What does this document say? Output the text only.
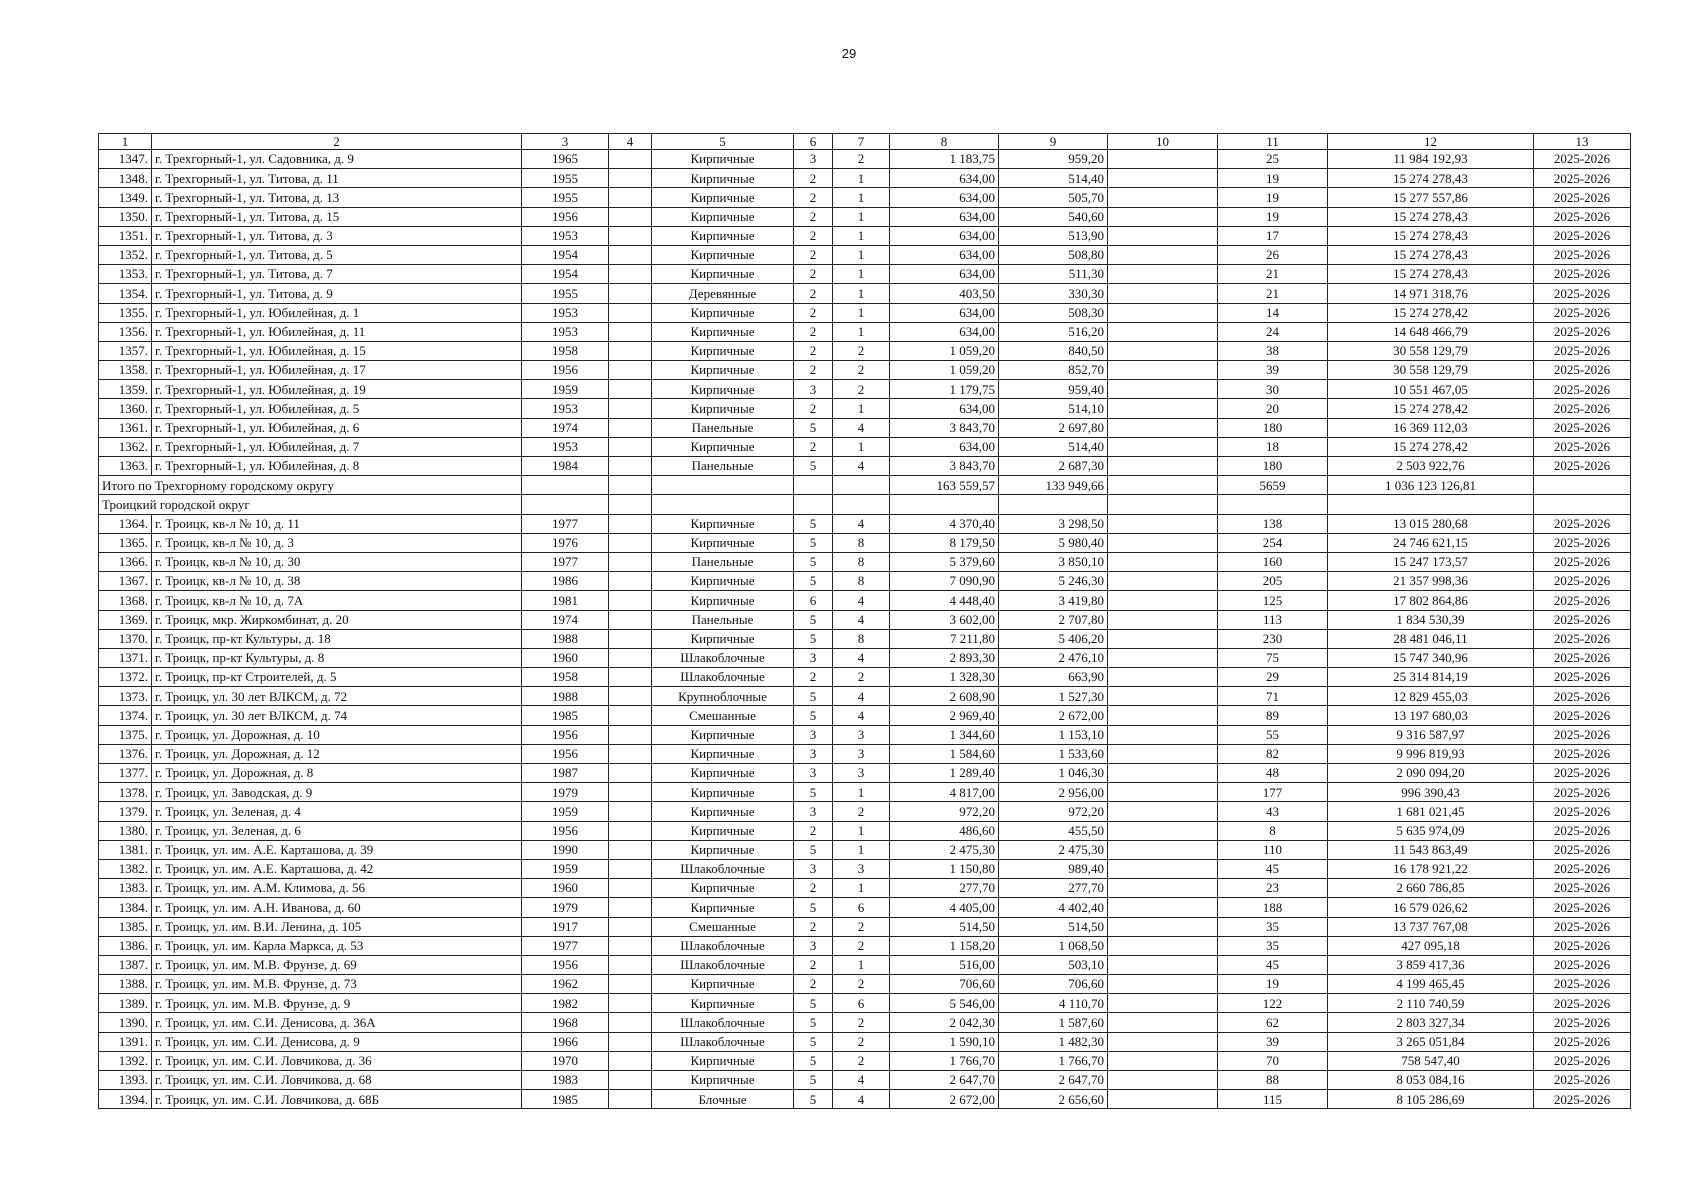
29
1	2	3	4	5	6	7	8	9	10	11	12	13
1347.	г. Трехгорный-1, ул. Садовника, д. 9	1965		Кирпичные	3	2	1 183,75	959,20		25	11 984 192,93	2025-2026
1348.	г. Трехгорный-1, ул. Титова, д. 11	1955		Кирпичные	2	1	634,00	514,40		19	15 274 278,43	2025-2026
1349.	г. Трехгорный-1, ул. Титова, д. 13	1955		Кирпичные	2	1	634,00	505,70		19	15 277 557,86	2025-2026
1350.	г. Трехгорный-1, ул. Титова, д. 15	1956		Кирпичные	2	1	634,00	540,60		19	15 274 278,43	2025-2026
1351.	г. Трехгорный-1, ул. Титова, д. 3	1953		Кирпичные	2	1	634,00	513,90		17	15 274 278,43	2025-2026
1352.	г. Трехгорный-1, ул. Титова, д. 5	1954		Кирпичные	2	1	634,00	508,80		26	15 274 278,43	2025-2026
1353.	г. Трехгорный-1, ул. Титова, д. 7	1954		Кирпичные	2	1	634,00	511,30		21	15 274 278,43	2025-2026
1354.	г. Трехгорный-1, ул. Титова, д. 9	1955		Деревянные	2	1	403,50	330,30		21	14 971 318,76	2025-2026
1355.	г. Трехгорный-1, ул. Юбилейная, д. 1	1953		Кирпичные	2	1	634,00	508,30		14	15 274 278,42	2025-2026
1356.	г. Трехгорный-1, ул. Юбилейная, д. 11	1953		Кирпичные	2	1	634,00	516,20		24	14 648 466,79	2025-2026
1357.	г. Трехгорный-1, ул. Юбилейная, д. 15	1958		Кирпичные	2	2	1 059,20	840,50		38	30 558 129,79	2025-2026
1358.	г. Трехгорный-1, ул. Юбилейная, д. 17	1956		Кирпичные	2	2	1 059,20	852,70		39	30 558 129,79	2025-2026
1359.	г. Трехгорный-1, ул. Юбилейная, д. 19	1959		Кирпичные	3	2	1 179,75	959,40		30	10 551 467,05	2025-2026
1360.	г. Трехгорный-1, ул. Юбилейная, д. 5	1953		Кирпичные	2	1	634,00	514,10		20	15 274 278,42	2025-2026
1361.	г. Трехгорный-1, ул. Юбилейная, д. 6	1974		Панельные	5	4	3 843,70	2 697,80		180	16 369 112,03	2025-2026
1362.	г. Трехгорный-1, ул. Юбилейная, д. 7	1953		Кирпичные	2	1	634,00	514,40		18	15 274 278,42	2025-2026
1363.	г. Трехгорный-1, ул. Юбилейная, д. 8	1984		Панельные	5	4	3 843,70	2 687,30		180	2 503 922,76	2025-2026
Итого по Трехгорному городскому округу							163 559,57	133 949,66		5659	1 036 123 126,81	
Троицкий городской округ												
1364.	г. Троицк, кв-л № 10, д. 11	1977		Кирпичные	5	4	4 370,40	3 298,50		138	13 015 280,68	2025-2026
1365.	г. Троицк, кв-л № 10, д. 3	1976		Кирпичные	5	8	8 179,50	5 980,40		254	24 746 621,15	2025-2026
1366.	г. Троицк, кв-л № 10, д. 30	1977		Панельные	5	8	5 379,60	3 850,10		160	15 247 173,57	2025-2026
1367.	г. Троицк, кв-л № 10, д. 38	1986		Кирпичные	5	8	7 090,90	5 246,30		205	21 357 998,36	2025-2026
1368.	г. Троицк, кв-л № 10, д. 7А	1981		Кирпичные	6	4	4 448,40	3 419,80		125	17 802 864,86	2025-2026
1369.	г. Троицк, мкр. Жиркомбинат, д. 20	1974		Панельные	5	4	3 602,00	2 707,80		113	1 834 530,39	2025-2026
1370.	г. Троицк, пр-кт Культуры, д. 18	1988		Кирпичные	5	8	7 211,80	5 406,20		230	28 481 046,11	2025-2026
1371.	г. Троицк, пр-кт Культуры, д. 8	1960		Шлакоблочные	3	4	2 893,30	2 476,10		75	15 747 340,96	2025-2026
1372.	г. Троицк, пр-кт Строителей, д. 5	1958		Шлакоблочные	2	2	1 328,30	663,90		29	25 314 814,19	2025-2026
1373.	г. Троицк, ул. 30 лет ВЛКСМ, д. 72	1988		Крупноблочные	5	4	2 608,90	1 527,30		71	12 829 455,03	2025-2026
1374.	г. Троицк, ул. 30 лет ВЛКСМ, д. 74	1985		Смешанные	5	4	2 969,40	2 672,00		89	13 197 680,03	2025-2026
1375.	г. Троицк, ул. Дорожная, д. 10	1956		Кирпичные	3	3	1 344,60	1 153,10		55	9 316 587,97	2025-2026
1376.	г. Троицк, ул. Дорожная, д. 12	1956		Кирпичные	3	3	1 584,60	1 533,60		82	9 996 819,93	2025-2026
1377.	г. Троицк, ул. Дорожная, д. 8	1987		Кирпичные	3	3	1 289,40	1 046,30		48	2 090 094,20	2025-2026
1378.	г. Троицк, ул. Заводская, д. 9	1979		Кирпичные	5	1	4 817,00	2 956,00		177	996 390,43	2025-2026
1379.	г. Троицк, ул. Зеленая, д. 4	1959		Кирпичные	3	2	972,20	972,20		43	1 681 021,45	2025-2026
1380.	г. Троицк, ул. Зеленая, д. 6	1956		Кирпичные	2	1	486,60	455,50		8	5 635 974,09	2025-2026
1381.	г. Троицк, ул. им. А.Е. Карташова, д. 39	1990		Кирпичные	5	1	2 475,30	2 475,30		110	11 543 863,49	2025-2026
1382.	г. Троицк, ул. им. А.Е. Карташова, д. 42	1959		Шлакоблочные	3	3	1 150,80	989,40		45	16 178 921,22	2025-2026
1383.	г. Троицк, ул. им. А.М. Климова, д. 56	1960		Кирпичные	2	1	277,70	277,70		23	2 660 786,85	2025-2026
1384.	г. Троицк, ул. им. А.Н. Иванова, д. 60	1979		Кирпичные	5	6	4 405,00	4 402,40		188	16 579 026,62	2025-2026
1385.	г. Троицк, ул. им. В.И. Ленина, д. 105	1917		Смешанные	2	2	514,50	514,50		35	13 737 767,08	2025-2026
1386.	г. Троицк, ул. им. Карла Маркса, д. 53	1977		Шлакоблочные	3	2	1 158,20	1 068,50		35	427 095,18	2025-2026
1387.	г. Троицк, ул. им. М.В. Фрунзе, д. 69	1956		Шлакоблочные	2	1	516,00	503,10		45	3 859 417,36	2025-2026
1388.	г. Троицк, ул. им. М.В. Фрунзе, д. 73	1962		Кирпичные	2	2	706,60	706,60		19	4 199 465,45	2025-2026
1389.	г. Троицк, ул. им. М.В. Фрунзе, д. 9	1982		Кирпичные	5	6	5 546,00	4 110,70		122	2 110 740,59	2025-2026
1390.	г. Троицк, ул. им. С.И. Денисова, д. 36А	1968		Шлакоблочные	5	2	2 042,30	1 587,60		62	2 803 327,34	2025-2026
1391.	г. Троицк, ул. им. С.И. Денисова, д. 9	1966		Шлакоблочные	5	2	1 590,10	1 482,30		39	3 265 051,84	2025-2026
1392.	г. Троицк, ул. им. С.И. Ловчикова, д. 36	1970		Кирпичные	5	2	1 766,70	1 766,70		70	758 547,40	2025-2026
1393.	г. Троицк, ул. им. С.И. Ловчикова, д. 68	1983		Кирпичные	5	4	2 647,70	2 647,70		88	8 053 084,16	2025-2026
1394.	г. Троицк, ул. им. С.И. Ловчикова, д. 68Б	1985		Блочные	5	4	2 672,00	2 656,60		115	8 105 286,69	2025-2026
